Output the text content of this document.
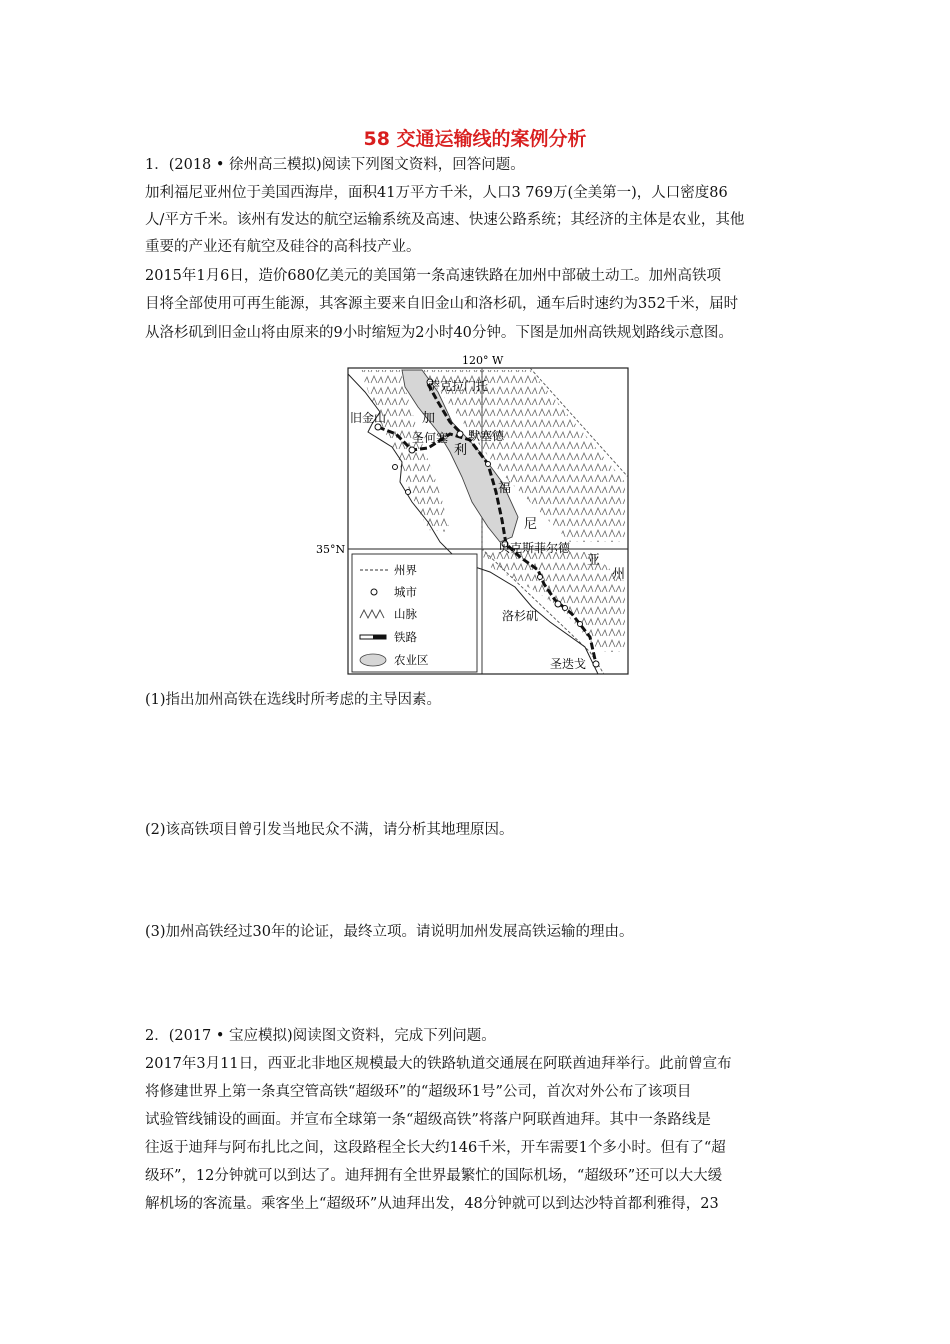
58 交通运输线的案例分析
1．(2018 • 徐州高三模拟)阅读下列图文资料，回答问题。
加利福尼亚州位于美国西海岸，面积41万平方千米，人口3 769万(全美第一)，人口密度86
人/平方千米。该州有发达的航空运输系统及高速、快速公路系统；其经济的主体是农业，其他
重要的产业还有航空及硅谷的高科技产业。
2015年1月6日，造价680亿美元的美国第一条高速铁路在加州中部破土动工。加州高铁项
目将全部使用可再生能源，其客源主要来自旧金山和洛杉矶，通车后时速约为352千米，届时
从洛杉矶到旧金山将由原来的9小时缩短为2小时40分钟。下图是加州高铁规划路线示意图。
120° W
35°N
萨克拉门托
旧金山
圣何塞 默塞德
贝克斯菲尔德
洛杉矶
圣迭戈
加
利
福
尼
亚
州
州界
城市
山脉
铁路
农业区
(1)指出加州高铁在选线时所考虑的主导因素。
(2)该高铁项目曾引发当地民众不满，请分析其地理原因。
(3)加州高铁经过30年的论证，最终立项。请说明加州发展高铁运输的理由。
2．(2017 • 宝应模拟)阅读图文资料，完成下列问题。
2017年3月11日，西亚北非地区规模最大的铁路轨道交通展在阿联酋迪拜举行。此前曾宣布
将修建世界上第一条真空管高铁“超级环”的“超级环1号”公司，首次对外公布了该项目
试验管线铺设的画面。并宣布全球第一条“超级高铁”将落户阿联酋迪拜。其中一条路线是
往返于迪拜与阿布扎比之间，这段路程全长大约146千米，开车需要1个多小时。但有了“超
级环”，12分钟就可以到达了。迪拜拥有全世界最繁忙的国际机场，“超级环”还可以大大缓
解机场的客流量。乘客坐上“超级环”从迪拜出发，48分钟就可以到达沙特首都利雅得，23
